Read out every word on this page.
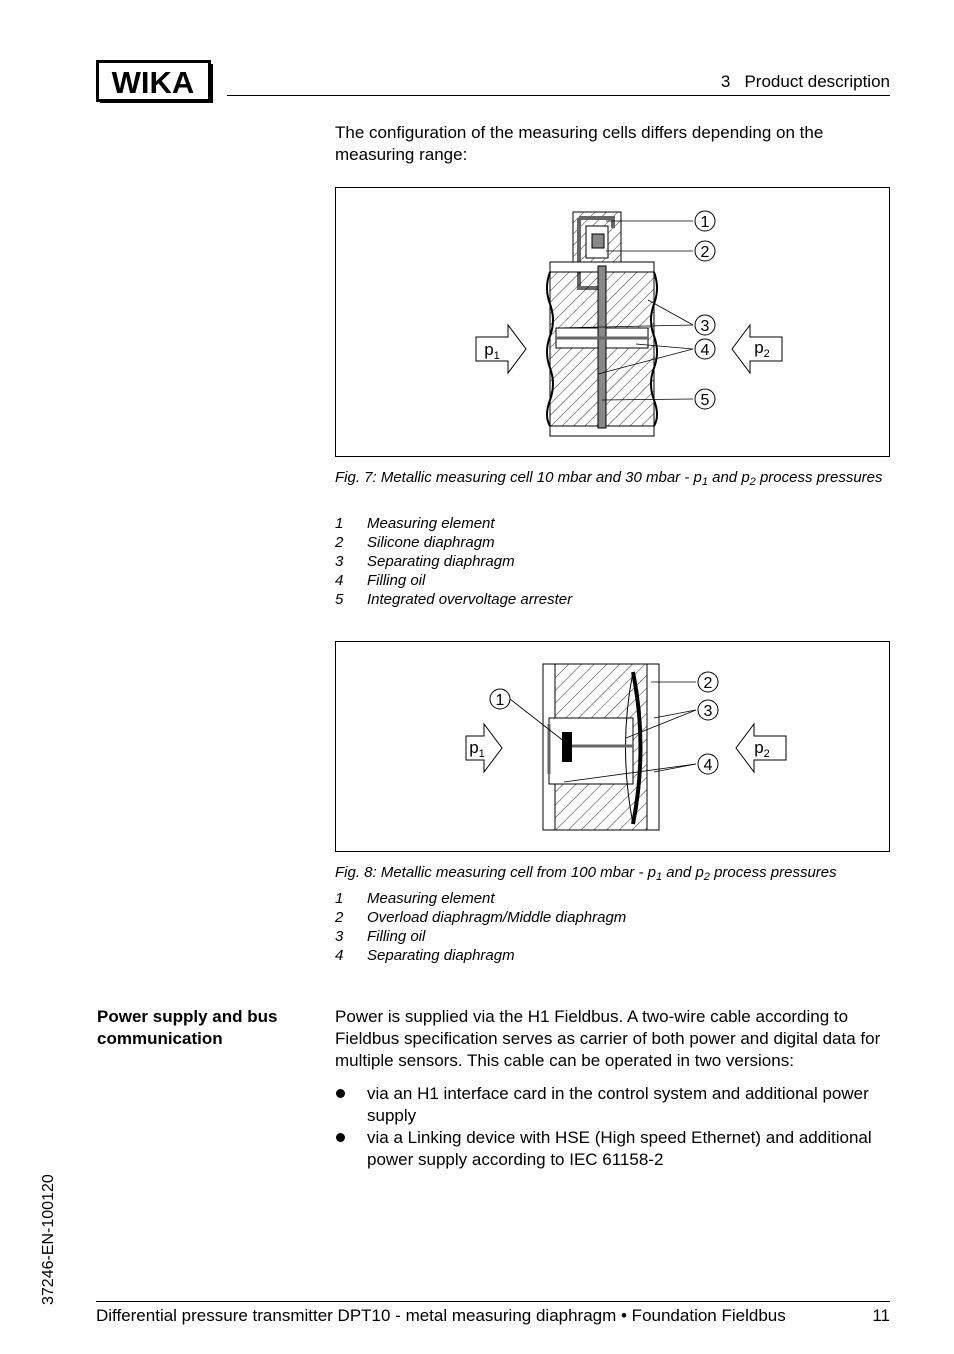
WIKA	3   Product description
The configuration of the measuring cells differs depending on the measuring range:
1
2
3
4
5
$p_1$	$p_2$
Fig. 7: Metallic measuring cell 10 mbar and 30 mbar - $p_1$ and $p_2$ process pressures
1	Measuring element
2	Silicone diaphragm
3	Separating diaphragm
4	Filling oil
5	Integrated overvoltage arrester
1
2
3
4
$p_1$	$p_2$
Fig. 8: Metallic measuring cell from 100 mbar - $p_1$ and $p_2$ process pressures
1	Measuring element
2	Overload diaphragm/Middle diaphragm
3	Filling oil
4	Separating diaphragm
Power supply and bus communication
Power is supplied via the H1 Fieldbus. A two-wire cable according to Fieldbus specification serves as carrier of both power and digital data for multiple sensors. This cable can be operated in two versions:
via an H1 interface card in the control system and additional power supply
via a Linking device with HSE (High speed Ethernet) and additional power supply according to IEC 61158-2
37246-EN-100120
Differential pressure transmitter DPT10 - metal measuring diaphragm • Foundation Fieldbus	11
